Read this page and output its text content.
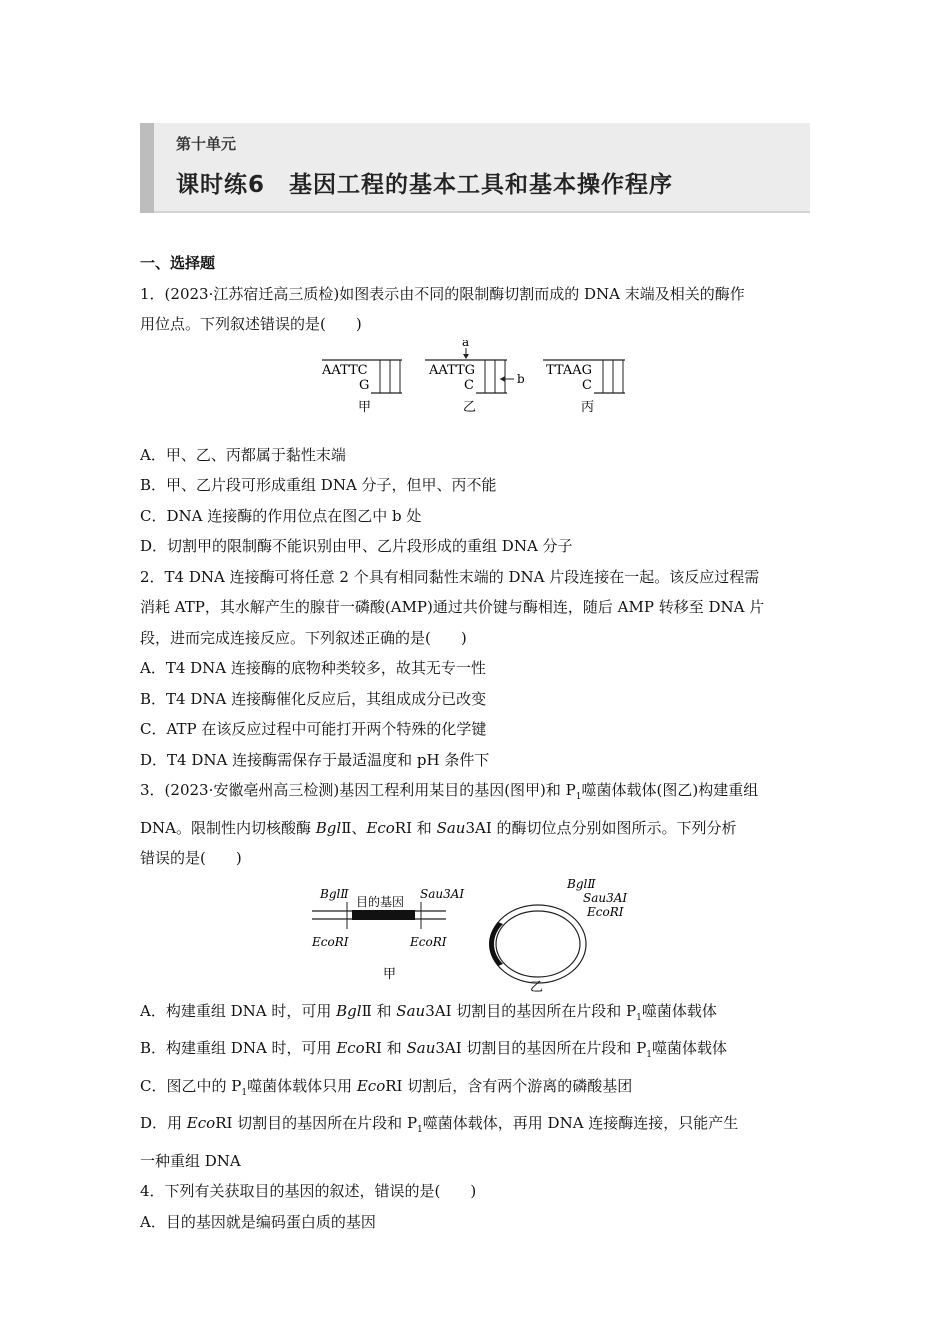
第十单元
课时练6　基因工程的基本工具和基本操作程序
一、选择题
1．(2023·江苏宿迁高三质检)如图表示由不同的限制酶切割而成的 DNA 末端及相关的酶作
用位点。下列叙述错误的是(　　)
AATTC
G
甲
AATTG
C
乙
a
b
TTAAG
C
丙
A．甲、乙、丙都属于黏性末端
B．甲、乙片段可形成重组 DNA 分子，但甲、丙不能
C．DNA 连接酶的作用位点在图乙中 b 处
D．切割甲的限制酶不能识别由甲、乙片段形成的重组 DNA 分子
2．T4 DNA 连接酶可将任意 2 个具有相同黏性末端的 DNA 片段连接在一起。该反应过程需
消耗 ATP，其水解产生的腺苷一磷酸(AMP)通过共价键与酶相连，随后 AMP 转移至 DNA 片
段，进而完成连接反应。下列叙述正确的是(　　)
A．T4 DNA 连接酶的底物种类较多，故其无专一性
B．T4 DNA 连接酶催化反应后，其组成成分已改变
C．ATP 在该反应过程中可能打开两个特殊的化学键
D．T4 DNA 连接酶需保存于最适温度和 pH 条件下
3．(2023·安徽亳州高三检测)基因工程利用某目的基因(图甲)和 $P_1$噬菌体载体(图乙)构建重组
DNA。限制性内切核酸酶 BglⅡ、EcoRⅠ 和 Sau3AⅠ 的酶切位点分别如图所示。下列分析
错误的是(　　)
BglⅡ
目的基因
Sau3AⅠ
EcoRⅠ	EcoRⅠ
甲
BglⅡ
Sau3AⅠ
EcoRⅠ
乙
A．构建重组 DNA 时，可用 BglⅡ 和 Sau3AⅠ 切割目的基因所在片段和 $P_1$噬菌体载体
B．构建重组 DNA 时，可用 EcoRⅠ 和 Sau3AⅠ 切割目的基因所在片段和 $P_1$噬菌体载体
C．图乙中的 $P_1$噬菌体载体只用 EcoRⅠ 切割后，含有两个游离的磷酸基团
D．用 EcoRⅠ 切割目的基因所在片段和 $P_1$噬菌体载体，再用 DNA 连接酶连接，只能产生
一种重组 DNA
4．下列有关获取目的基因的叙述，错误的是(　　)
A．目的基因就是编码蛋白质的基因
